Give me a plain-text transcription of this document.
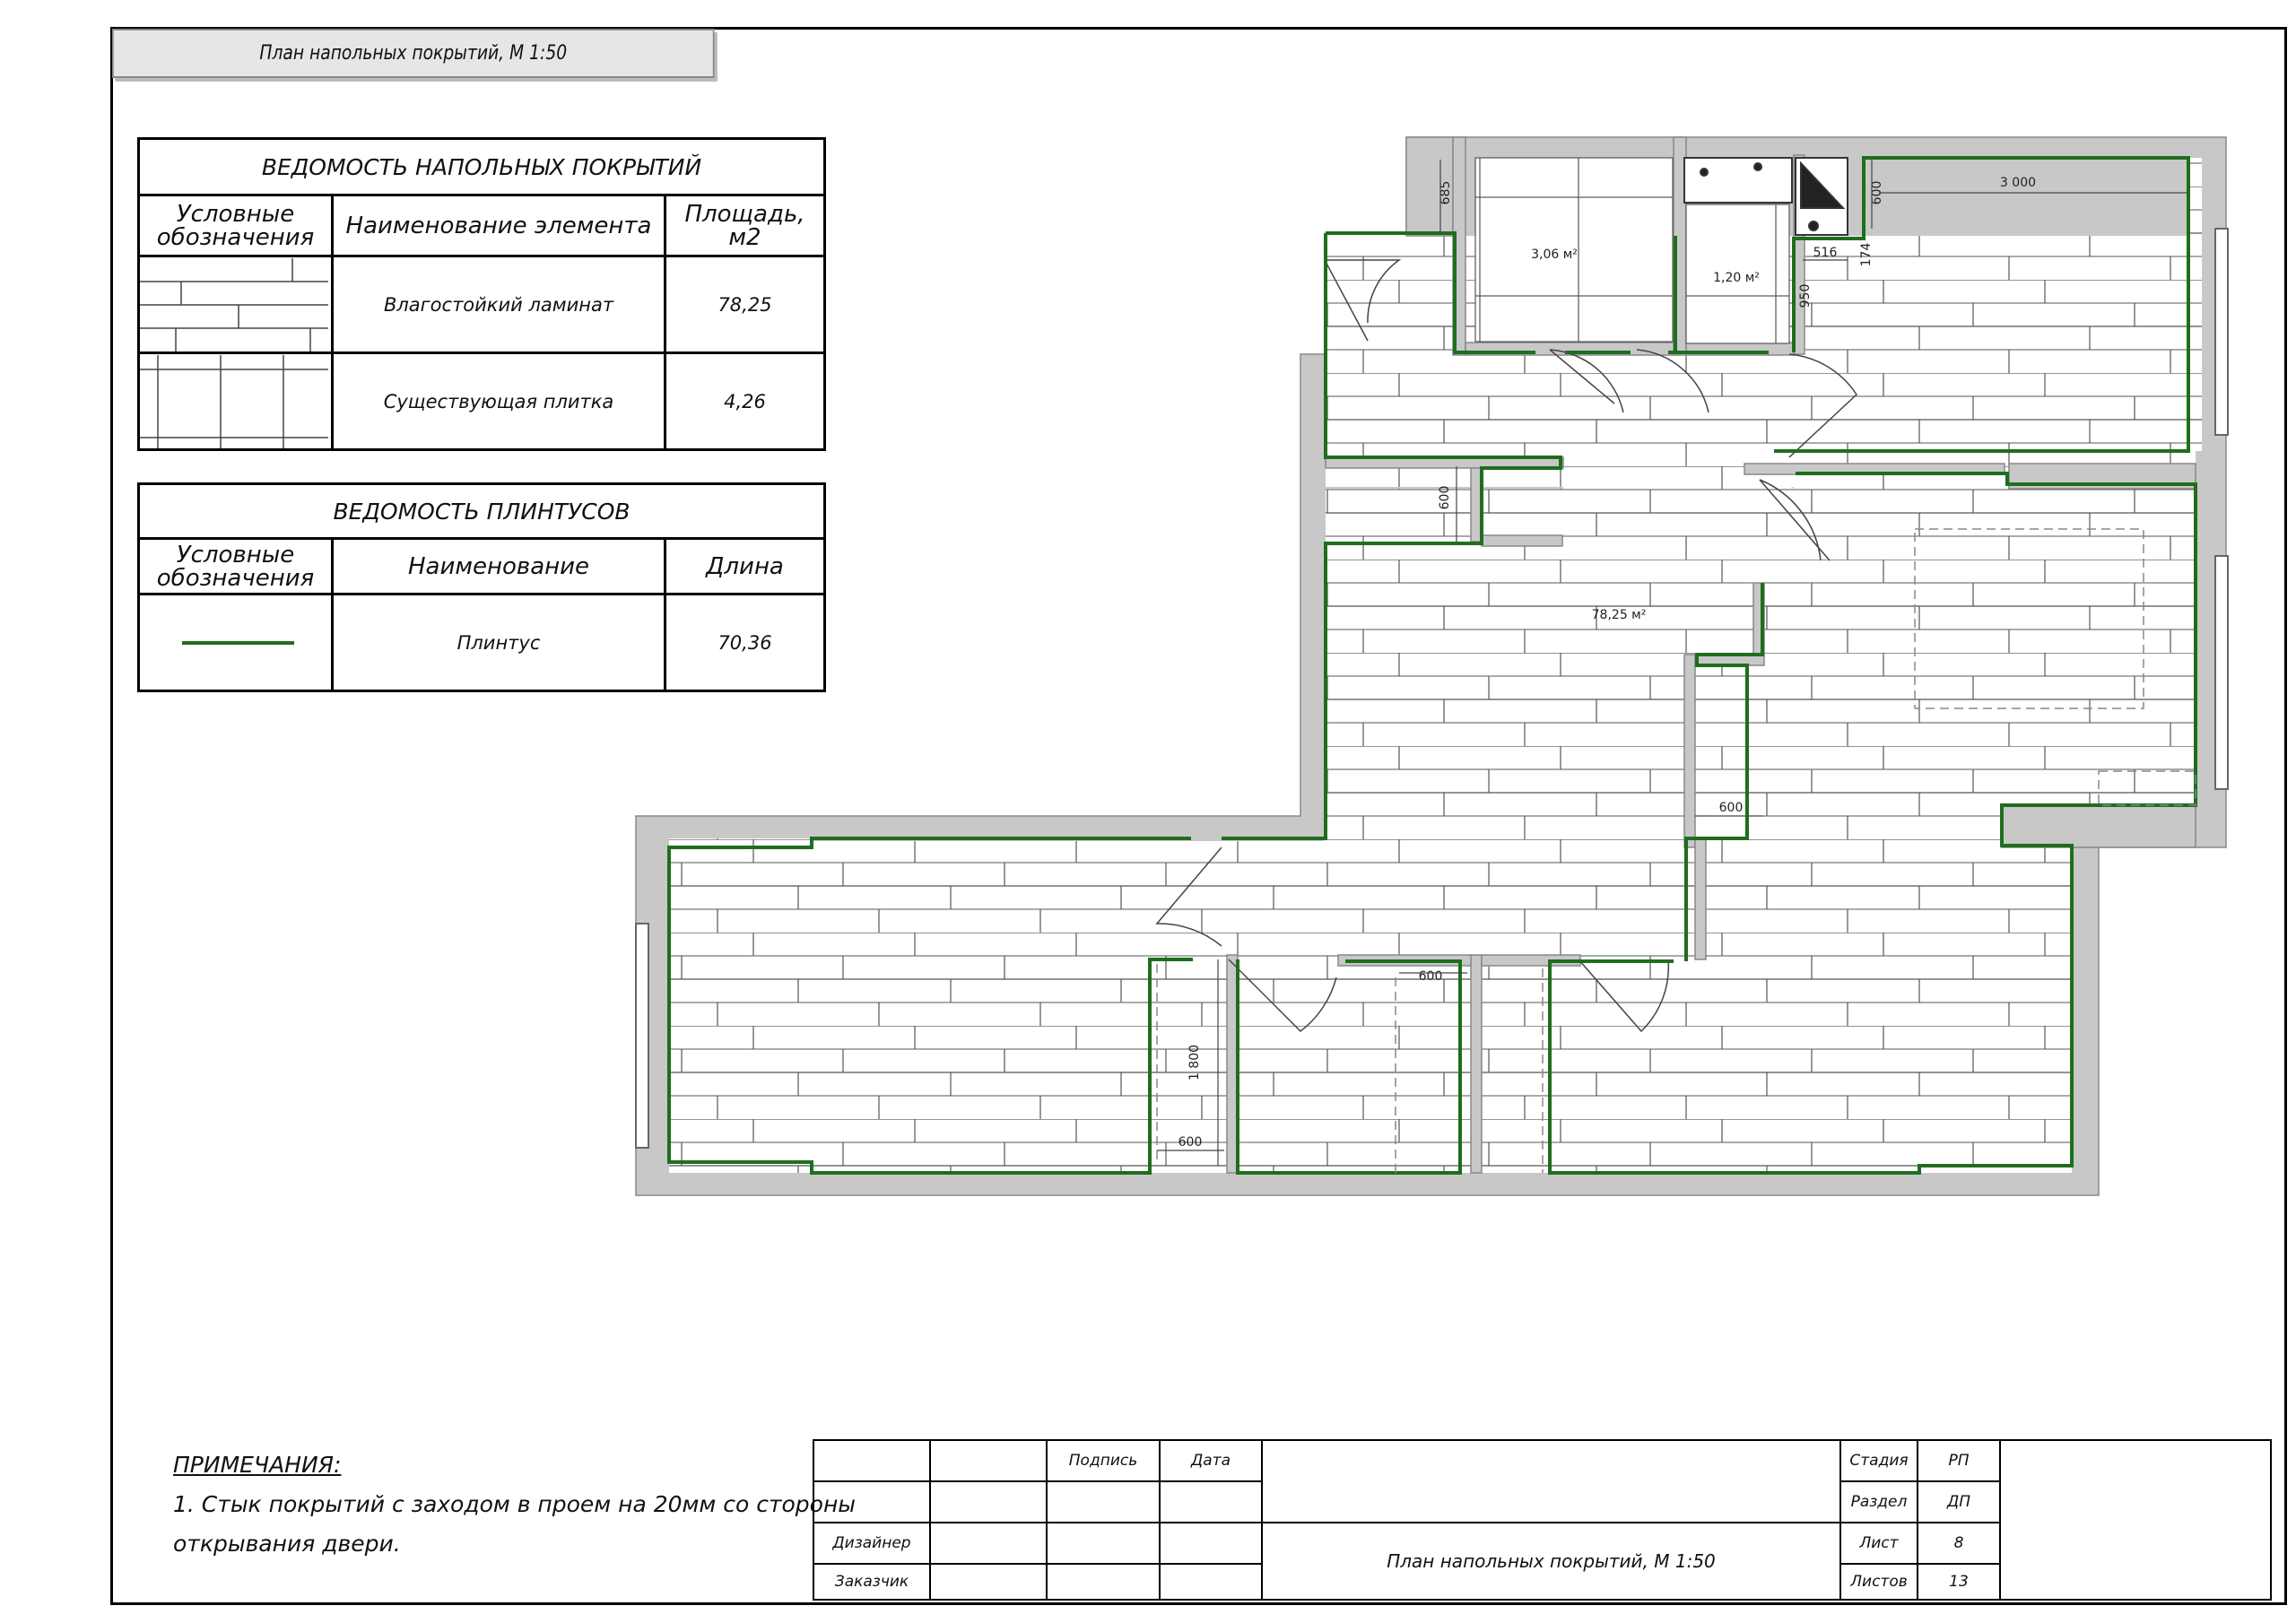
План напольных покрытий, М 1:50
ВЕДОМОСТЬ НАПОЛЬНЫХ ПОКРЫТИЙ		
Условные обозначения	Наименование элемента	Площадь, м2

	Влагостойкий ламинат	78,25

	Существующая плитка	4,26
ВЕДОМОСТЬ ПЛИНТУСОВ		
Условные обозначения	Наименование	Длина

	Плинтус	70,36
3,06 м²
1,20 м²
78,25 м²
685	600	3 000
516 174
950
600
600
600
1 800
600
ПРИМЕЧАНИЯ:
1. Стык покрытий с заходом в проем на 20мм со стороны
открывания двери.
		Подпись	Дата		Стадия	РП	
					Раздел	ДП	
Дизайнер				План напольных покрытий, М 1:50	Лист	8	
Заказчик					Листов	13	
